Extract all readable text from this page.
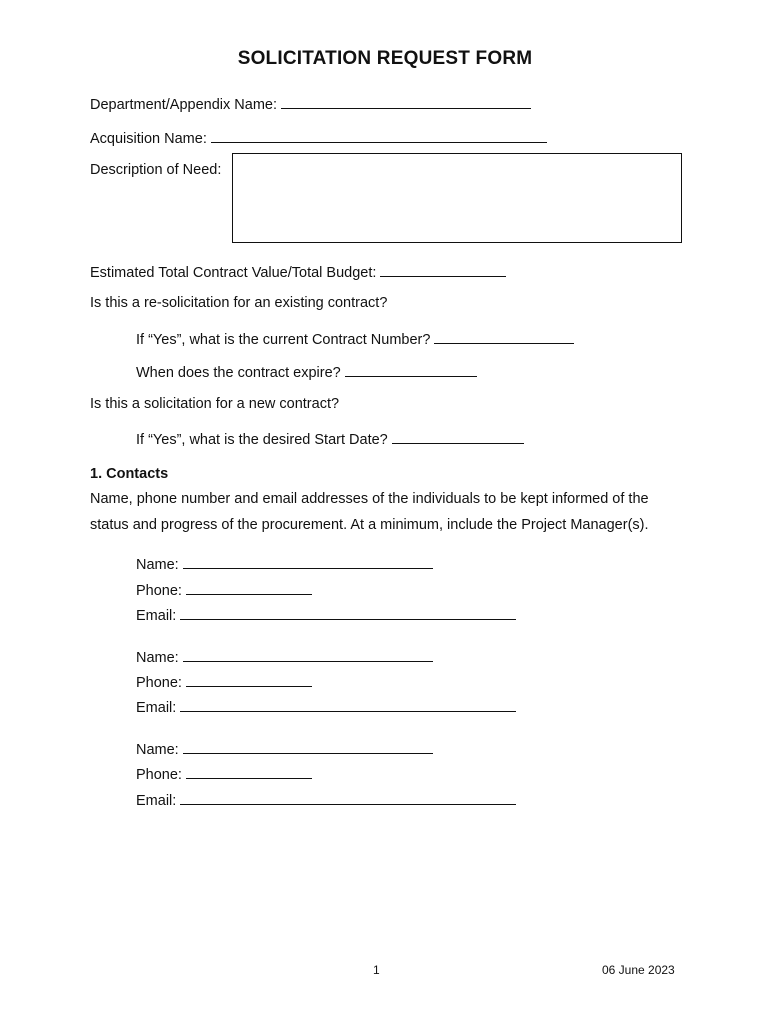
SOLICITATION REQUEST FORM
Department/Appendix Name:
Acquisition Name:
Description of Need:
Estimated Total Contract Value/Total Budget:
Is this a re-solicitation for an existing contract?
If “Yes”, what is the current Contract Number?
When does the contract expire?
Is this a solicitation for a new contract?
If “Yes”, what is the desired Start Date?
1. Contacts
Name, phone number and email addresses of the individuals to be kept informed of the status and progress of the procurement. At a minimum, include the Project Manager(s).
Name:
Phone:
Email:
Name:
Phone:
Email:
Name:
Phone:
Email:
1	06 June 2023
